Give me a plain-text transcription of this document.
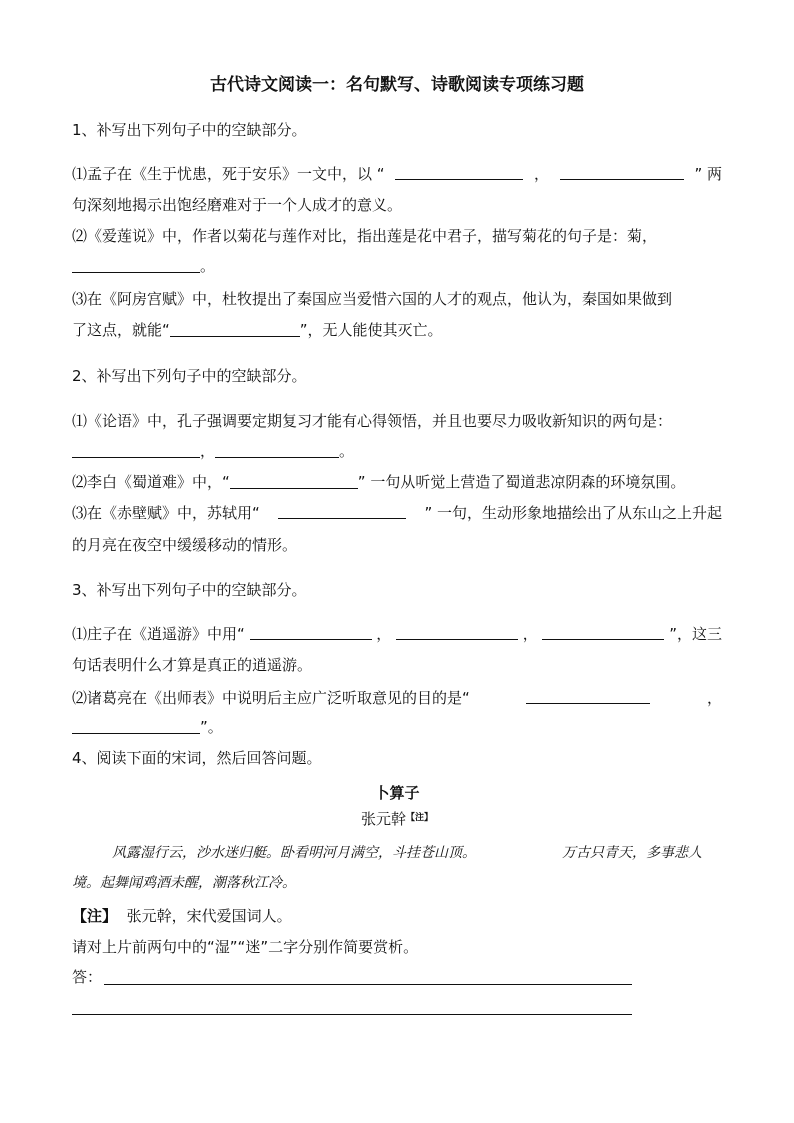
古代诗文阅读一：名句默写、诗歌阅读专项练习题
1、补写出下列句子中的空缺部分。
⑴孟子在《生于忧患，死于安乐》一文中，以 “	，	” 两
句深刻地揭示出饱经磨难对于一个人成才的意义。
⑵《爱莲说》中，作者以菊花与莲作对比，指出莲是花中君子，描写菊花的句子是：菊，
。
⑶在《阿房宫赋》中，杜牧提出了秦国应当爱惜六国的人才的观点，他认为，秦国如果做到
了这点，就能“	”，无人能使其灭亡。
2、补写出下列句子中的空缺部分。
⑴《论语》中，孔子强调要定期复习才能有心得领悟，并且也要尽力吸收新知识的两句是：
，	。
⑵李白《蜀道难》中，“	” 一句从听觉上营造了蜀道悲凉阴森的环境氛围。
⑶在《赤壁赋》中，苏轼用“	” 一句，生动形象地描绘出了从东山之上升起
的月亮在夜空中缓缓移动的情形。
3、补写出下列句子中的空缺部分。
⑴庄子在《逍遥游》中用“	，	，	”，这三
句话表明什么才算是真正的逍遥游。
⑵诸葛亮在《出师表》中说明后主应广泛听取意见的目的是“	，
”。
4、阅读下面的宋词，然后回答问题。
卜算子
张元幹$^{【注】}$
风露湿行云，沙水迷归艇。卧看明河月满空，斗挂苍山顶。	万古只青天，多事悲人
境。起舞闻鸡酒未醒，潮落秋江冷。
【注】 张元幹，宋代爱国词人。
请对上片前两句中的“湿”“迷”二字分别作简要赏析。
答：
